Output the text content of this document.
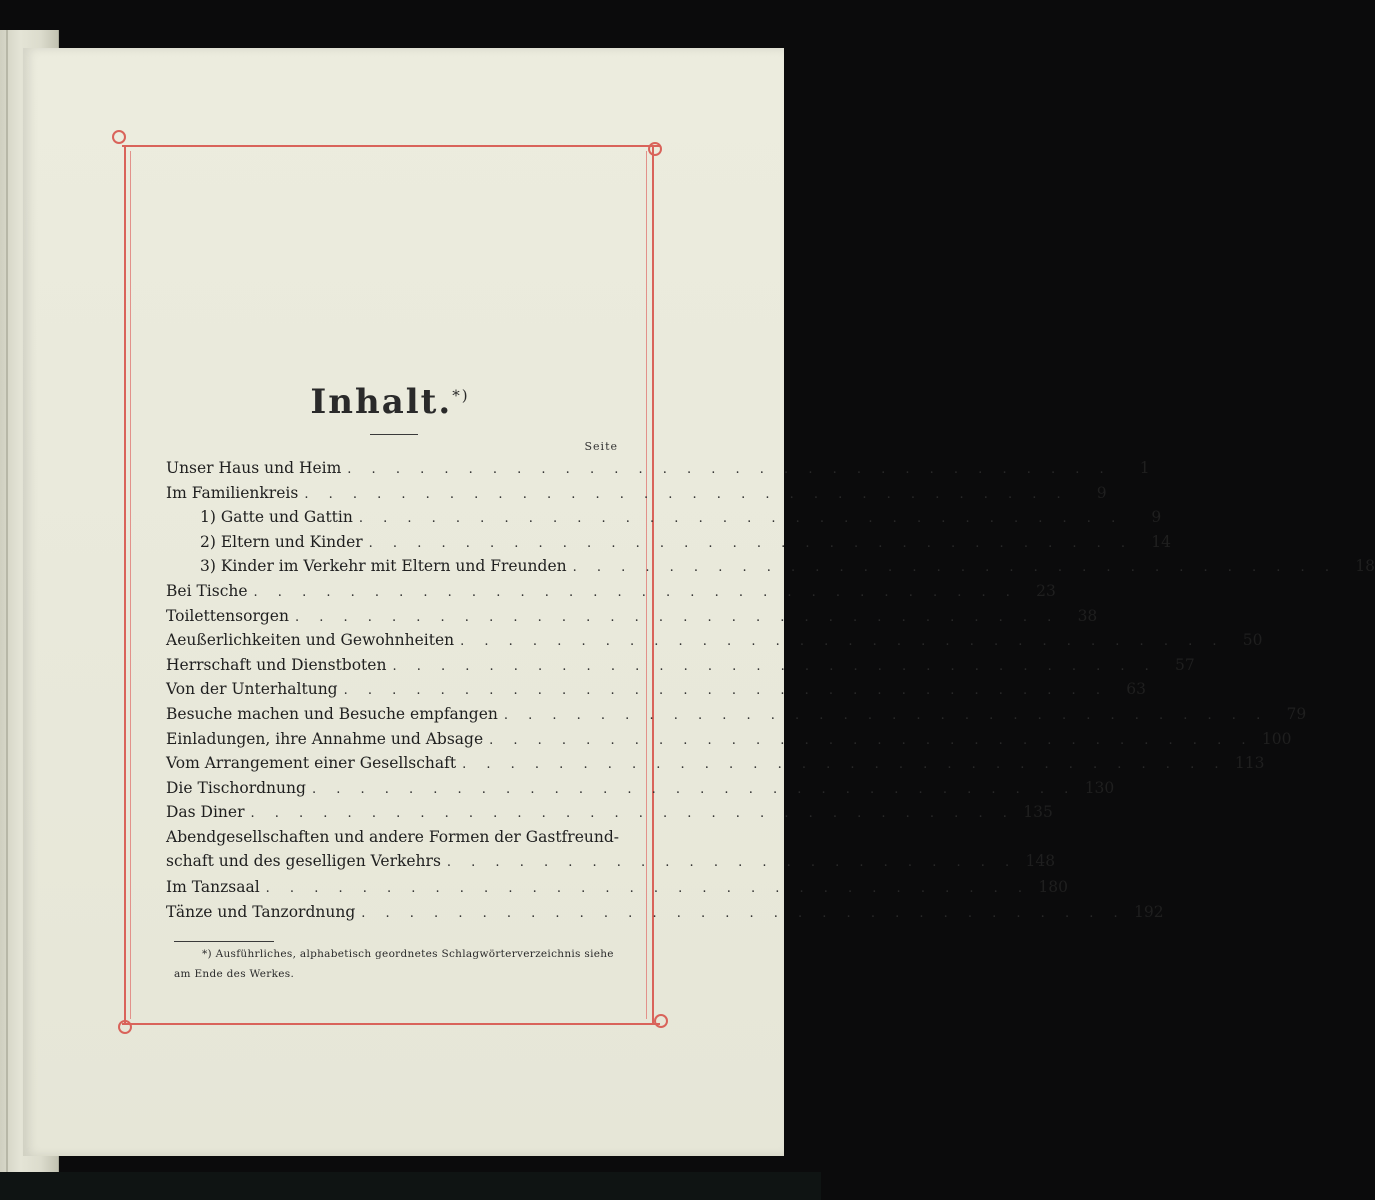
Inhalt.*)
Seite
Unser Haus und Heim . . . . . . . . . . . . . . . . . . . . . . . . . . . . . . . .	1
Im Familienkreis . . . . . . . . . . . . . . . . . . . . . . . . . . . . . . . .	9
1) Gatte und Gattin . . . . . . . . . . . . . . . . . . . . . . . . . . . . . . . .	9
2) Eltern und Kinder . . . . . . . . . . . . . . . . . . . . . . . . . . . . . . . .	14
3) Kinder im Verkehr mit Eltern und Freunden . . . . . . . . . . . . . . . . . . . . . . . . . . . . . . . .	18
Bei Tische . . . . . . . . . . . . . . . . . . . . . . . . . . . . . . . .	23
Toilettensorgen . . . . . . . . . . . . . . . . . . . . . . . . . . . . . . . .	38
Aeußerlichkeiten und Gewohnheiten . . . . . . . . . . . . . . . . . . . . . . . . . . . . . . . .	50
Herrschaft und Dienstboten . . . . . . . . . . . . . . . . . . . . . . . . . . . . . . . .	57
Von der Unterhaltung . . . . . . . . . . . . . . . . . . . . . . . . . . . . . . . .	63
Besuche machen und Besuche empfangen . . . . . . . . . . . . . . . . . . . . . . . . . . . . . . . .	79
Einladungen, ihre Annahme und Absage . . . . . . . . . . . . . . . . . . . . . . . . . . . . . . . . 100
Vom Arrangement einer Gesellschaft . . . . . . . . . . . . . . . . . . . . . . . . . . . . . . . . 113
Die Tischordnung . . . . . . . . . . . . . . . . . . . . . . . . . . . . . . . . 130
Das Diner . . . . . . . . . . . . . . . . . . . . . . . . . . . . . . . . 135
Abendgesellschaften und andere Formen der Gastfreund-
schaft und des geselligen Verkehrs . . . . . . . . . . . . . . . . . . . . . . . . 148
Im Tanzsaal . . . . . . . . . . . . . . . . . . . . . . . . . . . . . . . . 180
Tänze und Tanzordnung . . . . . . . . . . . . . . . . . . . . . . . . . . . . . . . . 192
*) Ausführliches, alphabetisch geordnetes Schlagwörterverzeichnis siehe am Ende des Werkes.
